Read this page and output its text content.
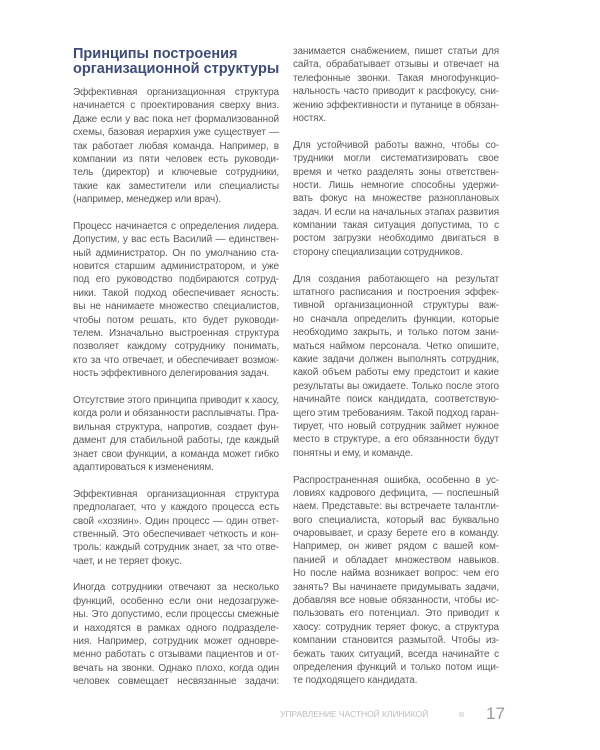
Принципы построения
организационной структуры
Эффективная организационная структура
начинается с проектирования сверху вниз.
Даже если у вас пока нет формализованной
схемы, базовая иерархия уже существует —
так работает любая команда. Например, в
компании из пяти человек есть руководи-
тель (директор) и ключевые сотрудники,
такие как заместители или специалисты
(например, менеджер или врач).
Процесс начинается с определения лидера.
Допустим, у вас есть Василий — единствен-
ный администратор. Он по умолчанию ста-
новится старшим администратором, и уже
под его руководство подбираются сотруд-
ники. Такой подход обеспечивает ясность:
вы не нанимаете множество специалистов,
чтобы потом решать, кто будет руководи-
телем. Изначально выстроенная структура
позволяет каждому сотруднику понимать,
кто за что отвечает, и обеспечивает возмож-
ность эффективного делегирования задач.
Отсутствие этого принципа приводит к хаосу,
когда роли и обязанности расплывчаты. Пра-
вильная структура, напротив, создает фун-
дамент для стабильной работы, где каждый
знает свои функции, а команда может гибко
адаптироваться к изменениям.
Эффективная организационная структура
предполагает, что у каждого процесса есть
свой «хозяин». Один процесс — один ответ-
ственный. Это обеспечивает четкость и кон-
троль: каждый сотрудник знает, за что отве-
чает, и не теряет фокус.
Иногда сотрудники отвечают за несколько
функций, особенно если они недозагруже-
ны. Это допустимо, если процессы смежные
и находятся в рамках одного подразделе-
ния. Например, сотрудник может одновре-
менно работать с отзывами пациентов и от-
вечать на звонки. Однако плохо, когда один
человек совмещает несвязанные задачи:
занимается снабжением, пишет статьи для
сайта, обрабатывает отзывы и отвечает на
телефонные звонки. Такая многофункцио-
нальность часто приводит к расфокусу, сни-
жению эффективности и путанице в обязан-
ностях.
Для устойчивой работы важно, чтобы со-
трудники могли систематизировать свое
время и четко разделять зоны ответствен-
ности. Лишь немногие способны удержи-
вать фокус на множестве разноплановых
задач. И если на начальных этапах развития
компании такая ситуация допустима, то с
ростом загрузки необходимо двигаться в
сторону специализации сотрудников.
Для создания работающего на результат
штатного расписания и построения эффек-
тивной организационной структуры важ-
но сначала определить функции, которые
необходимо закрыть, и только потом зани-
маться наймом персонала. Четко опишите,
какие задачи должен выполнять сотрудник,
какой объем работы ему предстоит и какие
результаты вы ожидаете. Только после этого
начинайте поиск кандидата, соответствую-
щего этим требованиям. Такой подход гаран-
тирует, что новый сотрудник займет нужное
место в структуре, а его обязанности будут
понятны и ему, и команде.
Распространенная ошибка, особенно в ус-
ловиях кадрового дефицита, — поспешный
наем. Представьте: вы встречаете талантли-
вого специалиста, который вас буквально
очаровывает, и сразу берете его в команду.
Например, он живет рядом с вашей ком-
панией и обладает множеством навыков.
Но после найма возникает вопрос: чем его
занять? Вы начинаете придумывать задачи,
добавляя все новые обязанности, чтобы ис-
пользовать его потенциал. Это приводит к
хаосу: сотрудник теряет фокус, а структура
компании становится размытой. Чтобы из-
бежать таких ситуаций, всегда начинайте с
определения функций и только потом ищи-
те подходящего кандидата.
УПРАВЛЕНИЕ ЧАСТНОЙ КЛИНИКОЙ	17
